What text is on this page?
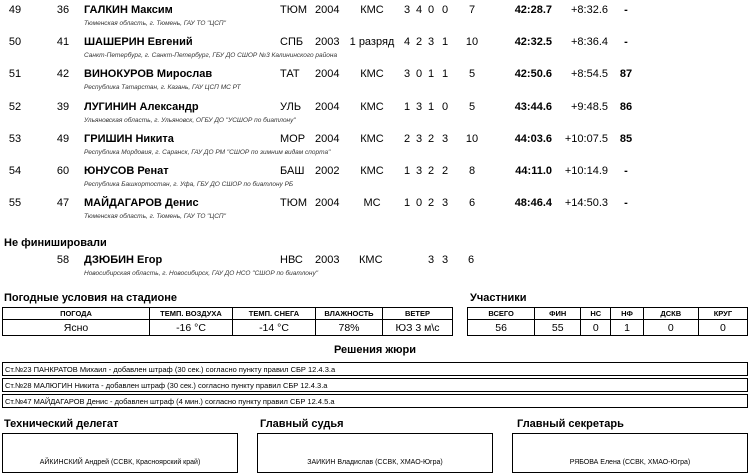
49	36 ГАЛКИН Максим	ТЮМ 2004	КМС	3 4 0 0	7	42:28.7	+8:32.6	-
Тюменская область, г. Тюмень, ГАУ ТО "ЦСП"
50	41 ШАШЕРИН Евгений	СПБ 2003 1 разряд 4 2 3 1	10	42:32.5	+8:36.4	-
Санкт-Петербург, г. Санкт-Петербург, ГБУ ДО СШОР №3 Калининского района
51	42 ВИНОКУРОВ Мирослав	ТАТ 2004	КМС	3 0 1 1	5	42:50.6	+8:54.5 87
Республика Татарстан, г. Казань, ГАУ ЦСП МС РТ
52	39 ЛУГИНИН Александр	УЛЬ 2004	КМС	1 3 1 0	5	43:44.6	+9:48.5 86
Ульяновская область, г. Ульяновск, ОГБУ ДО "УСШОР по биатлону"
53	49 ГРИШИН Никита	МОР 2004	КМС	2 3 2 3	10	44:03.6	+10:07.5 85
Республика Мордовия, г. Саранск, ГАУ ДО РМ "СШОР по зимним видам спорта"
54	60 ЮНУСОВ Ренат	БАШ 2002	КМС	1 3 2 2	8	44:11.0	+10:14.9	-
Республика Башкортостан, г. Уфа, ГБУ ДО СШОР по биатлону РБ
55	47 МАЙДАГАРОВ Денис	ТЮМ 2004	МС	1 0 2 3	6	48:46.4	+14:50.3	-
Тюменская область, г. Тюмень, ГАУ ТО "ЦСП"
Не финишировали
58 ДЗЮБИН Егор	НВС 2003 КМС	3 3 6
Новосибирская область, г. Новосибирск, ГАУ ДО НСО "СШОР по биатлону"
Погодные условия на стадионе
ПОГОДА	ТЕМП. ВОЗДУХА	ТЕМП. СНЕГА	ВЛАЖНОСТЬ	ВЕТЕР
Ясно	-16 °C	-14 °C	78%	ЮЗ 3 м\с
Участники
ВСЕГО	ФИН	НС	НФ	ДСКВ	КРУГ
56	55	0	1	0	0
Решения жюри
Ст.№23 ПАНКРАТОВ Михаил - добавлен штраф (30 сек.) согласно пункту правил СБР 12.4.3.а
Ст.№28 МАЛЮГИН Никита - добавлен штраф (30 сек.) согласно пункту правил СБР 12.4.3.а
Ст.№47 МАЙДАГАРОВ Денис - добавлен штраф (4 мин.) согласно пункту правил СБР 12.4.5.а
Технический делегат
АЙКИНСКИЙ Андрей (ССВК, Красноярский край)
Главный судья
ЗАИКИН Владислав (ССВК, ХМАО-Югра)
Главный секретарь
РЯБОВА Елена (ССВК, ХМАО-Югра)
